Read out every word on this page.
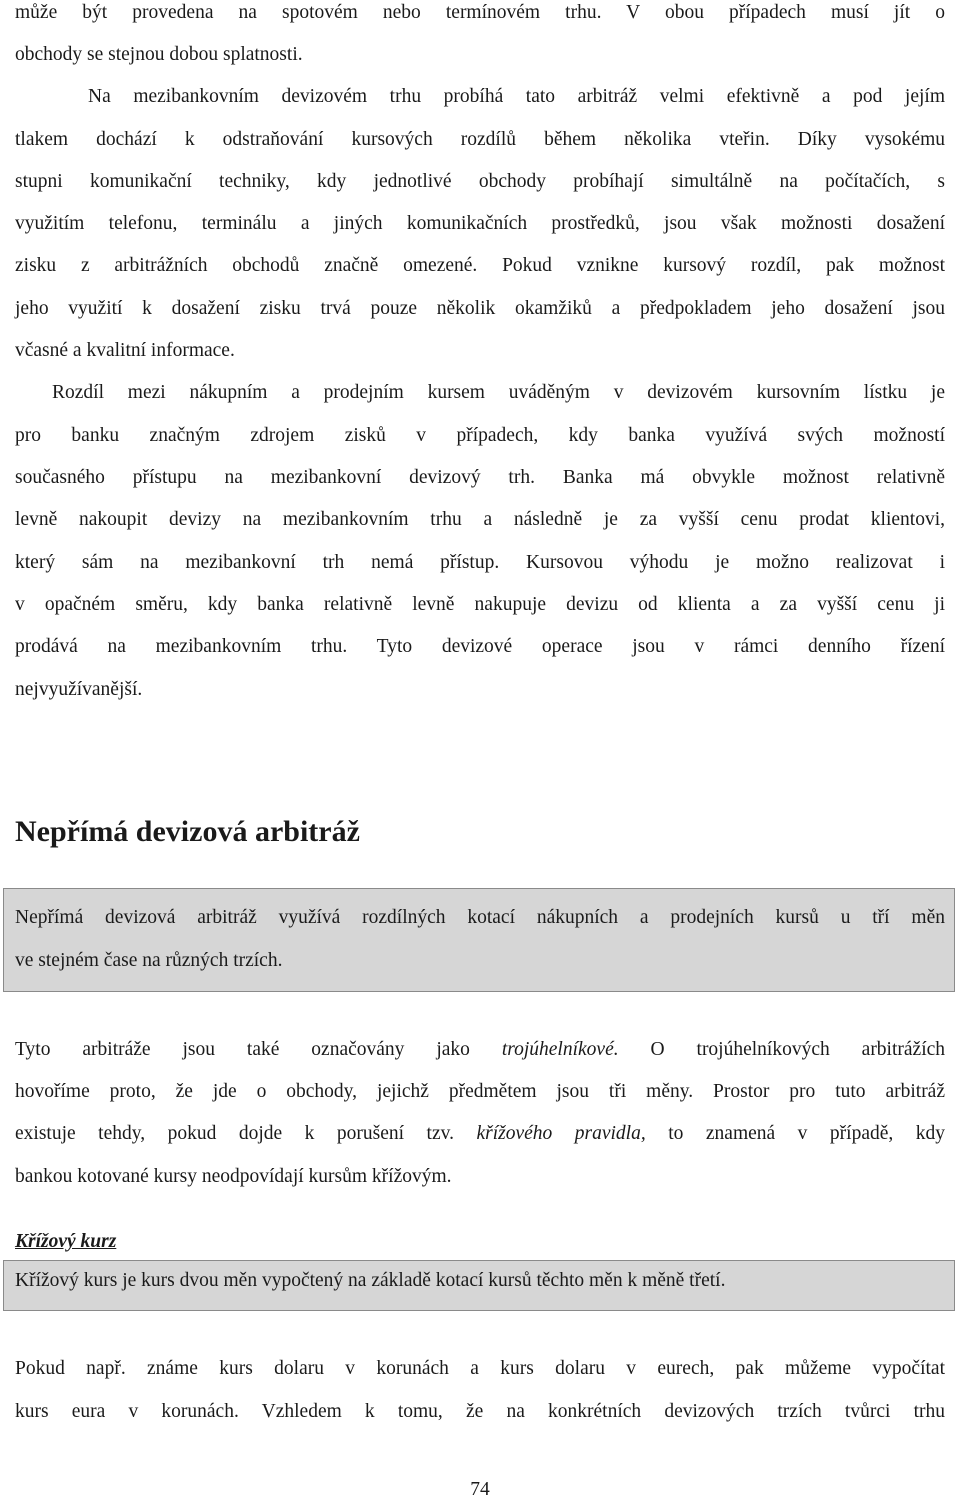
může být provedena na spotovém nebo termínovém trhu. V obou případech musí jít o
obchody se stejnou dobou splatnosti.
Na mezibankovním devizovém trhu probíhá tato arbitráž velmi efektivně a pod jejím
tlakem dochází k odstraňování kursových rozdílů během několika vteřin. Díky vysokému
stupni komunikační techniky, kdy jednotlivé obchody probíhají simultálně na počítačích, s
využitím telefonu, terminálu a jiných komunikačních prostředků, jsou však možnosti dosažení
zisku z arbitrážních obchodů značně omezené. Pokud vznikne kursový rozdíl, pak možnost
jeho využití k dosažení zisku trvá pouze několik okamžiků a předpokladem jeho dosažení jsou
včasné a kvalitní informace.
Rozdíl mezi nákupním a prodejním kursem uváděným v devizovém kursovním lístku je
pro banku značným zdrojem zisků v případech, kdy banka využívá svých možností
současného přístupu na mezibankovní devizový trh. Banka má obvykle možnost relativně
levně nakoupit devizy na mezibankovním trhu a následně je za vyšší cenu prodat klientovi,
který sám na mezibankovní trh nemá přístup. Kursovou výhodu je možno realizovat i
v opačném směru, kdy banka relativně levně nakupuje devizu od klienta a za vyšší cenu ji
prodává na mezibankovním trhu. Tyto devizové operace jsou v rámci denního řízení
nejvyužívanější.
Nepřímá devizová arbitráž
Nepřímá devizová arbitráž využívá rozdílných kotací nákupních a prodejních kursů u tří měn
ve stejném čase na různých trzích.
Tyto arbitráže jsou také označovány jako trojúhelníkové. O trojúhelníkových arbitrážích
hovoříme proto, že jde o obchody, jejichž předmětem jsou tři měny. Prostor pro tuto arbitráž
existuje tehdy, pokud dojde k porušení tzv. křížového pravidla, to znamená v případě, kdy
bankou kotované kursy neodpovídají kursům křížovým.
Křížový kurz
Křížový kurs je kurs dvou měn vypočtený na základě kotací kursů těchto měn k měně třetí.
Pokud např. známe kurs dolaru v korunách a kurs dolaru v eurech, pak můžeme vypočítat
kurs eura v korunách. Vzhledem k tomu, že na konkrétních devizových trzích tvůrci trhu
74
